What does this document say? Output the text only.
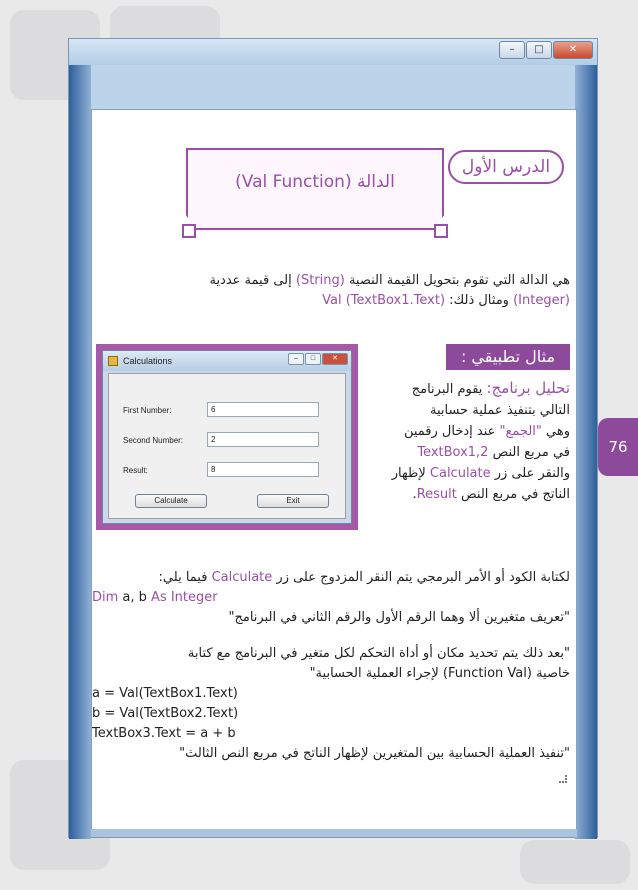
–	□	✕
76
الدالة (Val Function)
الدرس الأول
هي الدالة التي تقوم بتحويل القيمة النصية (String) إلى قيمة عددية
(Integer) ومثال ذلك: Val (TextBox1.Text)
مثال تطبيقي :
تحليل برنامج: يقوم البرنامج
التالي بتنفيذ عملية حسابية
وهي "الجمع" عند إدخال رقمين
في مربع النص TextBox1,2
والنقر على زر Calculate لإظهار
الناتج في مربع النص Result.
Calculations	–	□	✕
First Number:	6
Second Number:	2
Result:	8
Calculate	Exit
لكتابة الكود أو الأمر البرمجي يتم النقر المزدوج على زر Calculate فيما يلي:
Dim a, b As Integer
"تعريف متغيرين ألا وهما الرقم الأول والرقم الثاني في البرنامج"
"بعد ذلك يتم تحديد مكان أو أداة التحكم لكل متغير في البرنامج مع كتابة
خاصية (Function Val) لإجراء العملية الحسابية"
a = Val(TextBox1.Text)
b = Val(TextBox2.Text)
TextBox3.Text = a + b
"تنفيذ العملية الحسابية بين المتغيرين لإظهار الناتج في مربع النص الثالث"
